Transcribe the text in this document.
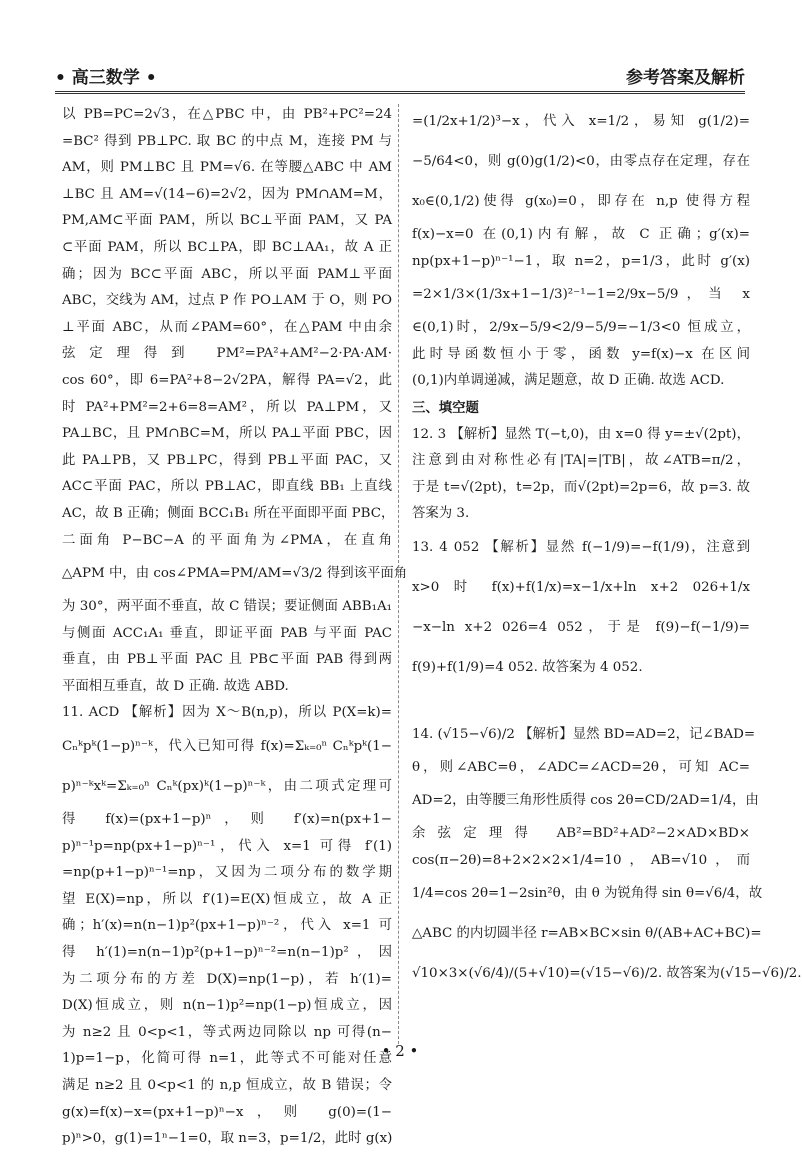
• 高三数学 •	参考答案及解析
以 PB=PC=2√3，在△PBC 中，由 PB²+PC²=24
=BC² 得到 PB⊥PC. 取 BC 的中点 M，连接 PM 与
AM，则 PM⊥BC 且 PM=√6. 在等腰△ABC 中 AM
⊥BC 且 AM=√(14−6)=2√2，因为 PM∩AM=M，
PM,AM⊂平面 PAM，所以 BC⊥平面 PAM，又 PA
⊂平面 PAM，所以 BC⊥PA，即 BC⊥AA₁，故 A 正
确；因为 BC⊂平面 ABC，所以平面 PAM⊥平面
ABC，交线为 AM，过点 P 作 PO⊥AM 于 O，则 PO
⊥平面 ABC，从而∠PAM=60°，在△PAM 中由余
弦定理得到 PM²=PA²+AM²−2·PA·AM·
cos 60°，即 6=PA²+8−2√2PA，解得 PA=√2，此
时 PA²+PM²=2+6=8=AM²，所以 PA⊥PM，又
PA⊥BC，且 PM∩BC=M，所以 PA⊥平面 PBC，因
此 PA⊥PB，又 PB⊥PC，得到 PB⊥平面 PAC，又
AC⊂平面 PAC，所以 PB⊥AC，即直线 BB₁ 上直线
AC，故 B 正确；侧面 BCC₁B₁ 所在平面即平面 PBC，
二面角 P−BC−A 的平面角为∠PMA，在直角
△APM 中，由 cos∠PMA=PM/AM=√3/2 得到该平面角
为 30°，两平面不垂直，故 C 错误；要证侧面 ABB₁A₁
与侧面 ACC₁A₁ 垂直，即证平面 PAB 与平面 PAC
垂直，由 PB⊥平面 PAC 且 PB⊂平面 PAB 得到两
平面相互垂直，故 D 正确. 故选 ABD.
11. ACD 【解析】因为 X～B(n,p)，所以 P(X=k)=
Cₙᵏpᵏ(1−p)ⁿ⁻ᵏ，代入已知可得 f(x)=Σₖ₌₀ⁿ Cₙᵏpᵏ(1−
p)ⁿ⁻ᵏxᵏ=Σₖ₌₀ⁿ Cₙᵏ(px)ᵏ(1−p)ⁿ⁻ᵏ，由二项式定理可
得 f(x)=(px+1−p)ⁿ，则 f′(x)=n(px+1−
p)ⁿ⁻¹p=np(px+1−p)ⁿ⁻¹，代入 x=1 可得 f′(1)
=np(p+1−p)ⁿ⁻¹=np，又因为二项分布的数学期
望 E(X)=np，所以 f′(1)=E(X)恒成立，故 A 正
确；h′(x)=n(n−1)p²(px+1−p)ⁿ⁻²，代入 x=1 可
得 h′(1)=n(n−1)p²(p+1−p)ⁿ⁻²=n(n−1)p²，因
为二项分布的方差 D(X)=np(1−p)，若 h′(1)=
D(X)恒成立，则 n(n−1)p²=np(1−p)恒成立，因
为 n≥2 且 0<p<1，等式两边同除以 np 可得(n−
1)p=1−p，化简可得 n=1，此等式不可能对任意
满足 n≥2 且 0<p<1 的 n,p 恒成立，故 B 错误；令
g(x)=f(x)−x=(px+1−p)ⁿ−x，则 g(0)=(1−
p)ⁿ>0，g(1)=1ⁿ−1=0，取 n=3，p=1/2，此时 g(x)
=(1/2x+1/2)³−x，代入 x=1/2，易知 g(1/2)=
−5/64<0，则 g(0)g(1/2)<0，由零点存在定理，存在
x₀∈(0,1/2)使得 g(x₀)=0，即存在 n,p 使得方程
f(x)−x=0 在(0,1)内有解，故 C 正确；g′(x)=
np(px+1−p)ⁿ⁻¹−1，取 n=2，p=1/3，此时 g′(x)
=2×1/3×(1/3x+1−1/3)²⁻¹−1=2/9x−5/9，当 x
∈(0,1)时，2/9x−5/9<2/9−5/9=−1/3<0 恒成立，
此时导函数恒小于零，函数 y=f(x)−x 在区间
(0,1)内单调递减，满足题意，故 D 正确. 故选 ACD.
三、填空题
12. 3 【解析】显然 T(−t,0)，由 x=0 得 y=±√(2pt)，
注意到由对称性必有|TA|=|TB|，故∠ATB=π/2，
于是 t=√(2pt)，t=2p，而√(2pt)=2p=6，故 p=3. 故
答案为 3.
13. 4 052 【解析】显然 f(−1/9)=−f(1/9)，注意到
x>0 时 f(x)+f(1/x)=x−1/x+ln x+2 026+1/x
−x−ln x+2 026=4 052，于是 f(9)−f(−1/9)=
f(9)+f(1/9)=4 052. 故答案为 4 052.
14. (√15−√6)/2 【解析】显然 BD=AD=2，记∠BAD=
θ，则∠ABC=θ，∠ADC=∠ACD=2θ，可知 AC=
AD=2，由等腰三角形性质得 cos 2θ=CD/2AD=1/4，由
余弦定理得 AB²=BD²+AD²−2×AD×BD×
cos(π−2θ)=8+2×2×2×1/4=10，AB=√10，而
1/4=cos 2θ=1−2sin²θ，由 θ 为锐角得 sin θ=√6/4，故
△ABC 的内切圆半径 r=AB×BC×sin θ/(AB+AC+BC)=
√10×3×(√6/4)/(5+√10)=(√15−√6)/2. 故答案为(√15−√6)/2.
• 2 •
